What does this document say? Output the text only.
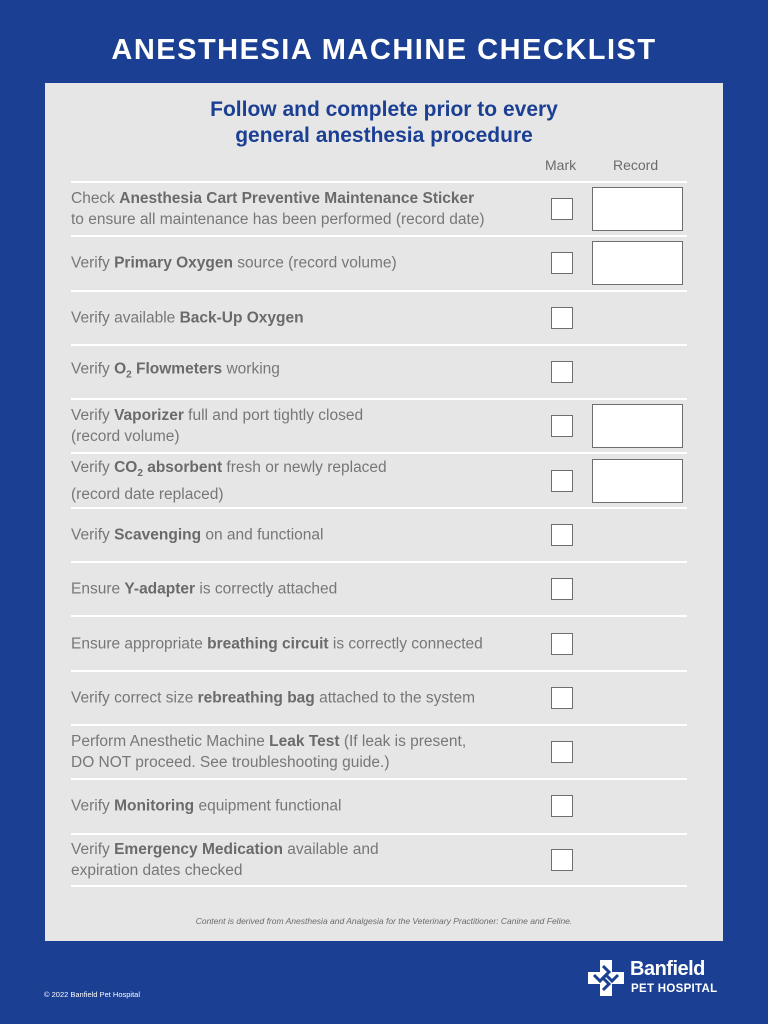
ANESTHESIA MACHINE CHECKLIST
Follow and complete prior to every
general anesthesia procedure
Mark	Record
Check Anesthesia Cart Preventive Maintenance Sticker
to ensure all maintenance has been performed (record date)
Verify Primary Oxygen source (record volume)
Verify available Back-Up Oxygen
Verify $O_2$ Flowmeters working
Verify Vaporizer full and port tightly closed
(record volume)
Verify $CO_2$ absorbent fresh or newly replaced
(record date replaced)
Verify Scavenging on and functional
Ensure Y-adapter is correctly attached
Ensure appropriate breathing circuit is correctly connected
Verify correct size rebreathing bag attached to the system
Perform Anesthetic Machine Leak Test (If leak is present,
DO NOT proceed. See troubleshooting guide.)
Verify Monitoring equipment functional
Verify Emergency Medication available and
expiration dates checked
Content is derived from Anesthesia and Analgesia for the Veterinary Practitioner: Canine and Feline.
© 2022 Banfield Pet Hospital
Banfield
PET HOSPITAL
